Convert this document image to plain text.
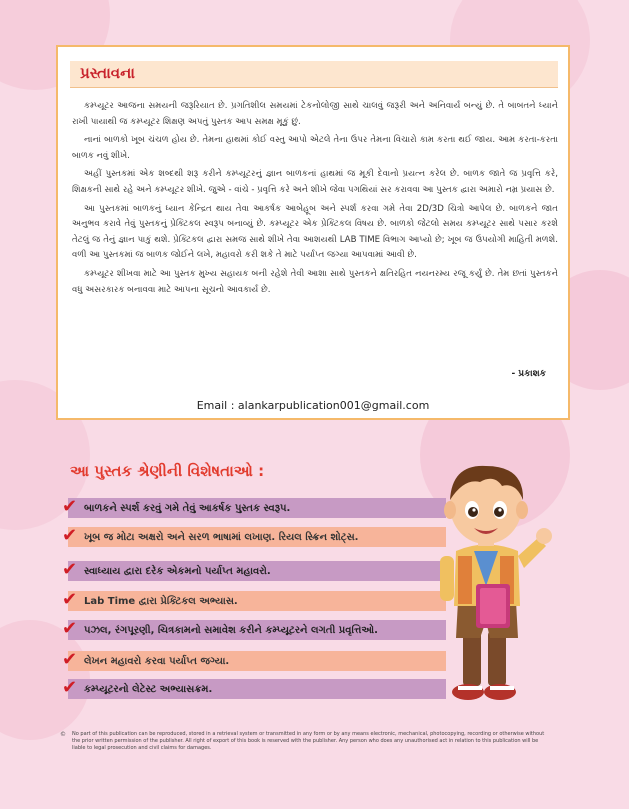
પ્રસ્તાવના

કમ્પ્યૂટર આજના સમયની જરૂરિયાત છે. પ્રગતિશીલ સમયમાં ટેકનોલોજી સાથે ચાલવું જરૂરી અને અનિવાર્ય બન્યું છે. તે બાબતને ધ્યાને રાખી પાયાથી જ કમ્પ્યૂટર શિક્ષણ અપતું પુસ્તક આપ સમક્ષ મૂકું છું.

નાનાં બાળકો ખૂબ ચંચળ હોય છે. તેમના હાથમાં કોઈ વસ્તુ આપો એટલે તેના ઉપર તેમના વિચારો કામ કરતા થઈ જાય. આમ કરતા-કરતા બાળક નવું શીખે.

અહીં પુસ્તકમાં એક શબ્દથી શરૂ કરીને કમ્પ્યૂટરનું જ્ઞાન બાળકનાં હાથમાં જ મૂકી દેવાનો પ્રયત્ન કરેલ છે. બાળક જાતે જ પ્રવૃત્તિ કરે, શિક્ષકની સાથે રહે અને કમ્પ્યૂટર શીખે. જુએ - વાંચે - પ્રવૃત્તિ કરે અને શીખે જેવા પગથિયાં સર કરાવવા આ પુસ્તક દ્વારા અમારો નમ્ર પ્રયાસ છે.

આ પુસ્તકમાં બાળકનું ધ્યાન કેન્દ્રિત થાય તેવા આકર્ષક આબેહૂબ અને સ્પર્શ કરવા ગમે તેવા 2D/3D ચિત્રો આપેલ છે. બાળકને જાત અનુભવ કરાવે તેવું પુસ્તકનું પ્રેક્ટિકલ સ્વરૂપ બનાવ્યું છે. કમ્પ્યૂટર એક પ્રેક્ટિકલ વિષય છે. બાળકો જેટલો સમય કમ્પ્યૂટર સાથે પસાર કરશે તેટલું જ તેનું જ્ઞાન પાકું થશે. પ્રેક્ટિકલ દ્વારા સમજ સાથે શીખે તેવા આશયથી LAB TIME વિભાગ આપ્યો છે; ખૂબ જ ઉપયોગી માહિતી મળશે. વળી આ પુસ્તકમાં જ બાળક જોઈને લખે, મહાવરો કરી શકે તે માટે પર્યાપ્ત જગ્યા આપવામાં આવી છે.

કમ્પ્યૂટર શીખવા માટે આ પુસ્તક મુખ્ય સહાયક બની રહેશે તેવી આશા સાથે પુસ્તકને ક્ષતિરહિત નયનરમ્ય રજૂ કર્યું છે. તેમ છતાં પુસ્તકને વધુ અસરકારક બનાવવા માટે આપના સૂચનો આવકાર્ય છે.

- પ્રકાશક
Email : alankarpublication001@gmail.com
આ પુસ્તક શ્રેણીની વિશેષતાઓ :
✔ બાળકને સ્પર્શ કરવું ગમે તેવું આકર્ષક પુસ્તક સ્વરૂપ.
✔ ખૂબ જ મોટા અક્ષરો અને સરળ ભાષામાં લખાણ. રિયલ સ્ક્રિન શોટ્સ.
✔ સ્વાધ્યાય દ્વારા દરેક એકમનો પર્યાપ્ત મહાવરો.
✔ Lab Time દ્વારા પ્રેક્ટિકલ અભ્યાસ.
✔ પઝલ, રંગપૂરણી, ચિત્રકામનો સમાવેશ કરીને કમ્પ્યૂટરને લગતી પ્રવૃત્તિઓ.
✔ લેખન મહાવરો કરવા પર્યાપ્ત જગ્યા.
✔ કમ્પ્યૂટરનો લેટેસ્ટ અભ્યાસક્રમ.
© No part of this publication can be reproduced, stored in a retrieval system or transmitted in any form or by any means electronic, mechanical, photocopying, recording or otherwise without the prior written permission of the publisher. All right of export of this book is reserved with the publisher. Any person who does any unauthorised act in relation to this publication will be liable to legal prosecution and civil claims for damages.
